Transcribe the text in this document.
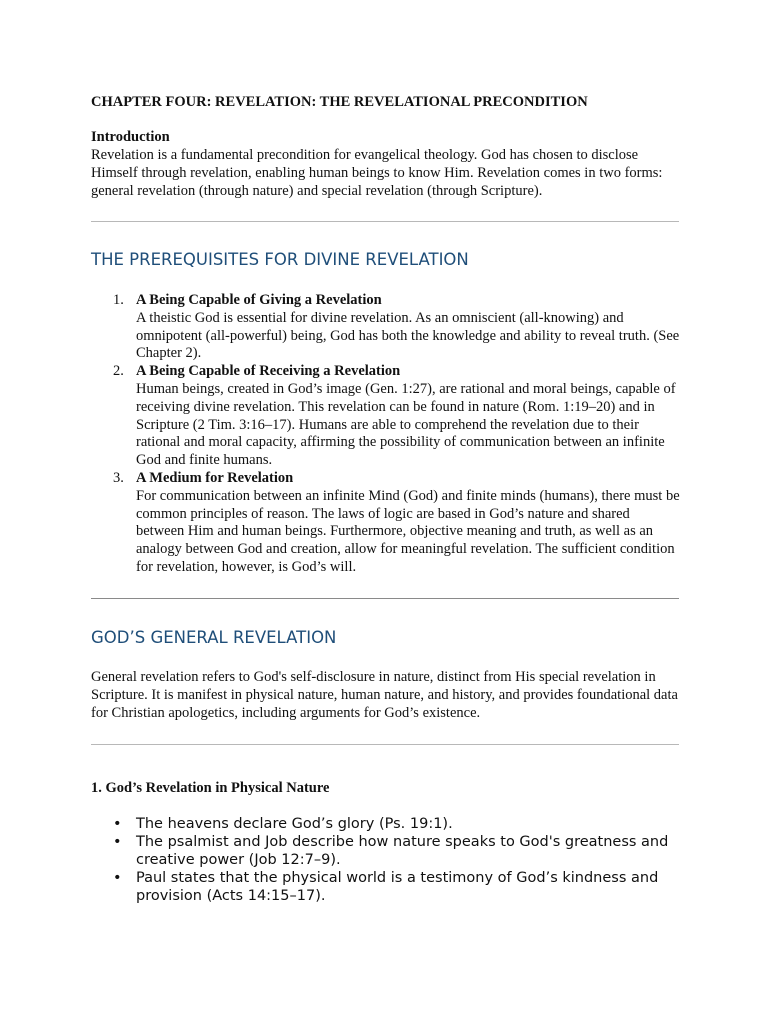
CHAPTER FOUR: REVELATION: THE REVELATIONAL PRECONDITION
Introduction
Revelation is a fundamental precondition for evangelical theology. God has chosen to disclose Himself through revelation, enabling human beings to know Him. Revelation comes in two forms: general revelation (through nature) and special revelation (through Scripture).
THE PREREQUISITES FOR DIVINE REVELATION
1. A Being Capable of Giving a Revelation
A theistic God is essential for divine revelation. As an omniscient (all-knowing) and omnipotent (all-powerful) being, God has both the knowledge and ability to reveal truth. (See Chapter 2).
2. A Being Capable of Receiving a Revelation
Human beings, created in God’s image (Gen. 1:27), are rational and moral beings, capable of receiving divine revelation. This revelation can be found in nature (Rom. 1:19–20) and in Scripture (2 Tim. 3:16–17). Humans are able to comprehend the revelation due to their rational and moral capacity, affirming the possibility of communication between an infinite God and finite humans.
3. A Medium for Revelation
For communication between an infinite Mind (God) and finite minds (humans), there must be common principles of reason. The laws of logic are based in God’s nature and shared between Him and human beings. Furthermore, objective meaning and truth, as well as an analogy between God and creation, allow for meaningful revelation. The sufficient condition for revelation, however, is God’s will.
GOD’S GENERAL REVELATION
General revelation refers to God's self-disclosure in nature, distinct from His special revelation in Scripture. It is manifest in physical nature, human nature, and history, and provides foundational data for Christian apologetics, including arguments for God’s existence.
1. God’s Revelation in Physical Nature
• The heavens declare God’s glory (Ps. 19:1).
• The psalmist and Job describe how nature speaks to God's greatness and creative power (Job 12:7–9).
• Paul states that the physical world is a testimony of God’s kindness and provision (Acts 14:15–17).
